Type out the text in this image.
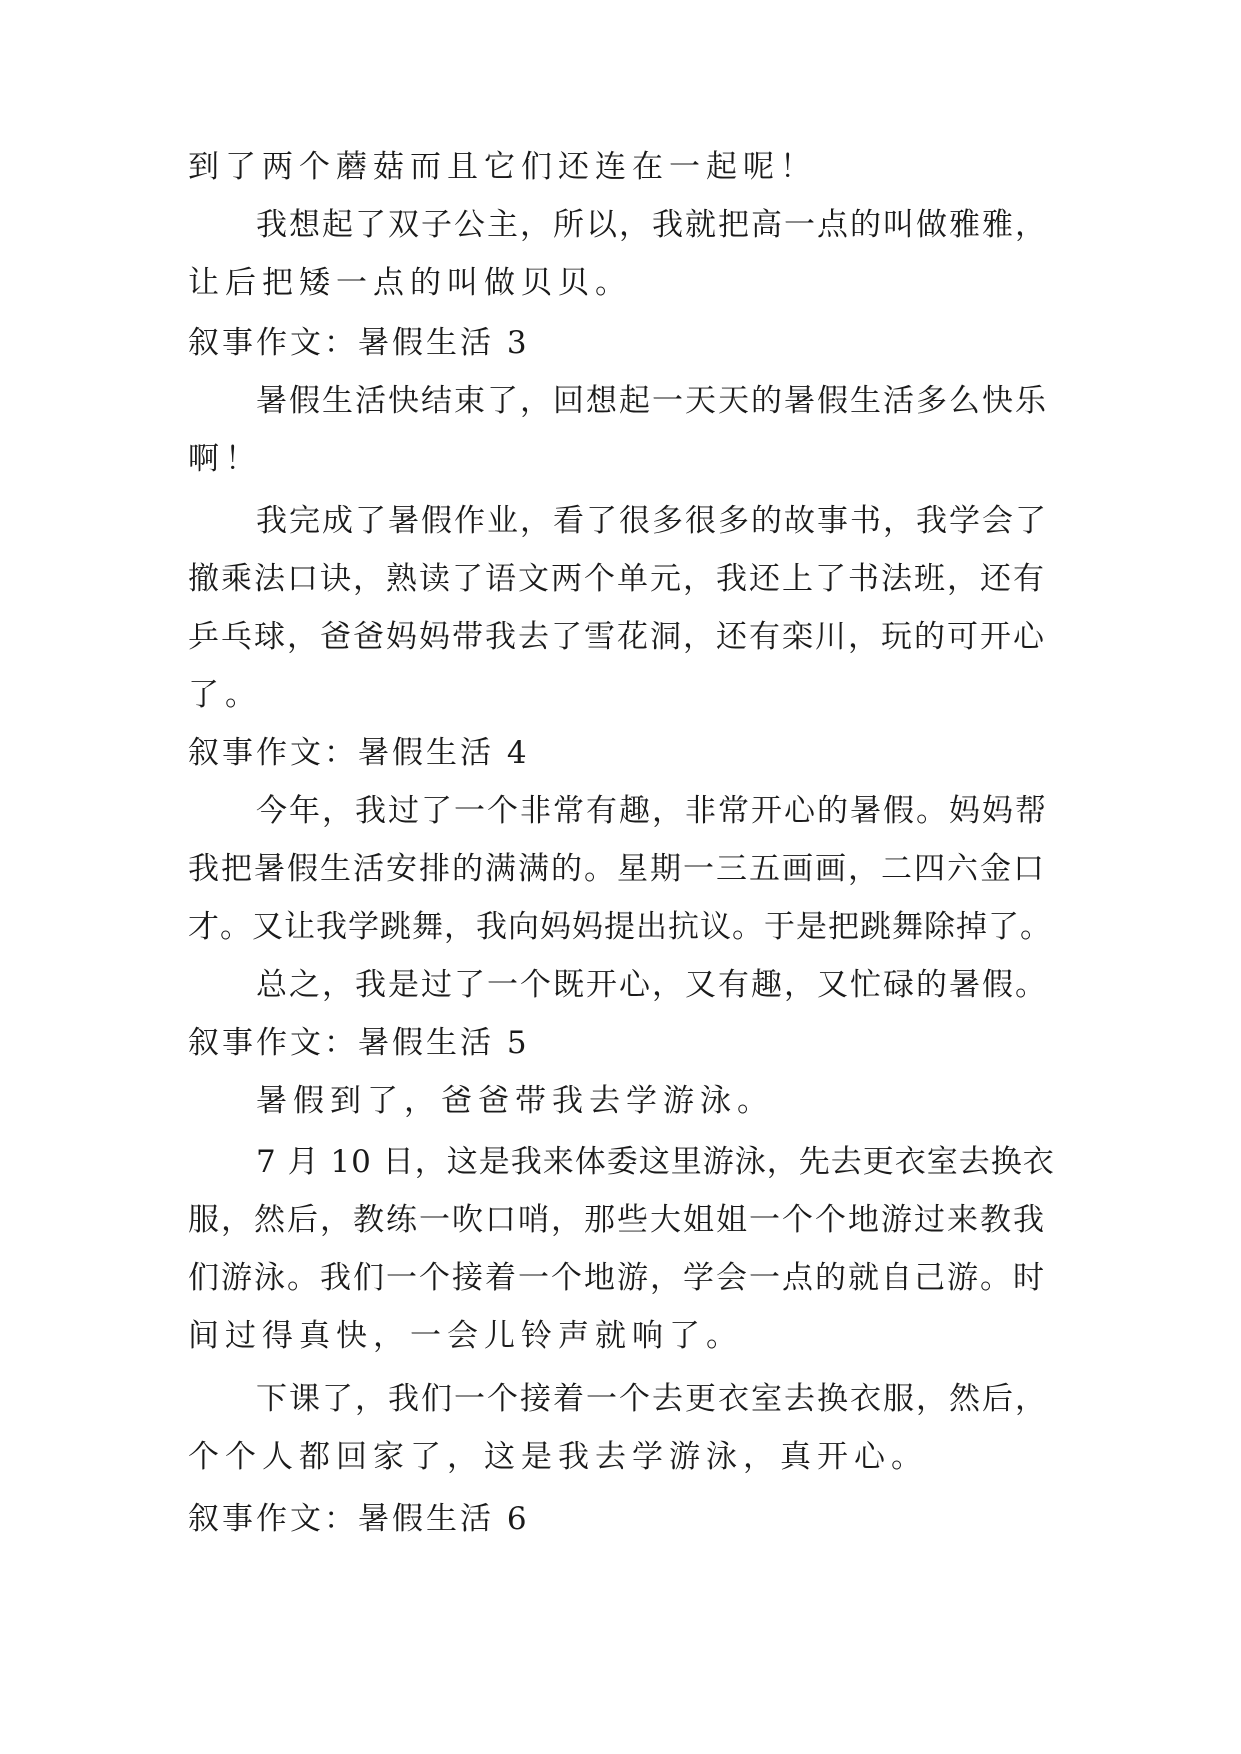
到了两个蘑菇而且它们还连在一起呢！
我想起了双子公主，所以，我就把高一点的叫做雅雅，
让后把矮一点的叫做贝贝。
叙事作文：暑假生活 3
暑假生活快结束了，回想起一天天的暑假生活多么快乐
啊！
我完成了暑假作业，看了很多很多的故事书，我学会了
撤乘法口诀，熟读了语文两个单元，我还上了书法班，还有
乒乓球，爸爸妈妈带我去了雪花洞，还有栾川，玩的可开心
了。
叙事作文：暑假生活 4
今年，我过了一个非常有趣，非常开心的暑假。妈妈帮
我把暑假生活安排的满满的。星期一三五画画，二四六金口
才。又让我学跳舞，我向妈妈提出抗议。于是把跳舞除掉了。
总之，我是过了一个既开心，又有趣，又忙碌的暑假。
叙事作文：暑假生活 5
暑假到了，爸爸带我去学游泳。
7 月 10 日，这是我来体委这里游泳，先去更衣室去换衣
服，然后，教练一吹口哨，那些大姐姐一个个地游过来教我
们游泳。我们一个接着一个地游，学会一点的就自己游。时
间过得真快，一会儿铃声就响了。
下课了，我们一个接着一个去更衣室去换衣服，然后，
个个人都回家了，这是我去学游泳，真开心。
叙事作文：暑假生活 6
